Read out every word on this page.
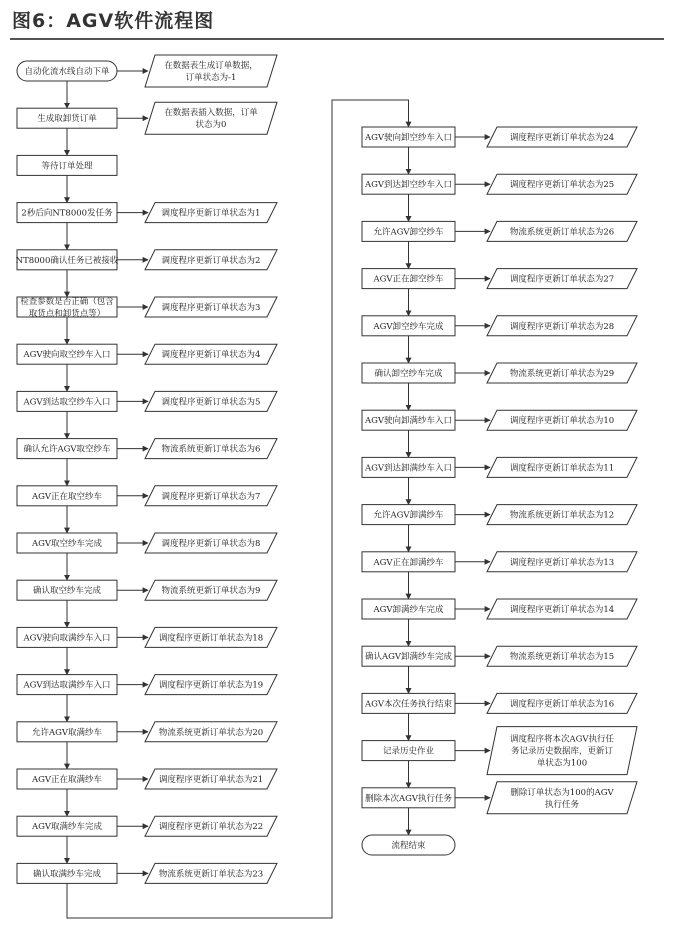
图6：AGV软件流程图
自动化流水线自动下单
在数据表生成订单数据，
订单状态为-1
生成取卸货订单
在数据表插入数据，订单
状态为0
等待订单处理
2秒后向NT8000发任务	调度程序更新订单状态为1
NT8000确认任务已被接收	调度程序更新订单状态为2
检查参数是否正确（包含
取货点和卸货点等）
调度程序更新订单状态为3
AGV驶向取空纱车入口	调度程序更新订单状态为4
AGV到达取空纱车入口	调度程序更新订单状态为5
确认允许AGV取空纱车	物流系统更新订单状态为6
AGV正在取空纱车	调度程序更新订单状态为7
AGV取空纱车完成	调度程序更新订单状态为8
确认取空纱车完成	物流系统更新订单状态为9
AGV驶向取满纱车入口	调度程序更新订单状态为18
AGV到达取满纱车入口	调度程序更新订单状态为19
允许AGV取满纱车	物流系统更新订单状态为20
AGV正在取满纱车	调度程序更新订单状态为21
AGV取满纱车完成	调度程序更新订单状态为22
确认取满纱车完成	物流系统更新订单状态为23
AGV驶向卸空纱车入口	调度程序更新订单状态为24
AGV到达卸空纱车入口	调度程序更新订单状态为25
允许AGV卸空纱车	物流系统更新订单状态为26
AGV正在卸空纱车	调度程序更新订单状态为27
AGV卸空纱车完成	调度程序更新订单状态为28
确认卸空纱车完成	物流系统更新订单状态为29
AGV驶向卸满纱车入口	调度程序更新订单状态为10
AGV到达卸满纱车入口	调度程序更新订单状态为11
允许AGV卸满纱车	物流系统更新订单状态为12
AGV正在卸满纱车	调度程序更新订单状态为13
AGV卸满纱车完成	调度程序更新订单状态为14
确认AGV卸满纱车完成	物流系统更新订单状态为15
AGV本次任务执行结束	调度程序更新订单状态为16
记录历史作业
调度程序将本次AGV执行任
务记录历史数据库，更新订
单状态为100
删除本次AGV执行任务
删除订单状态为100的AGV
执行任务
流程结束
